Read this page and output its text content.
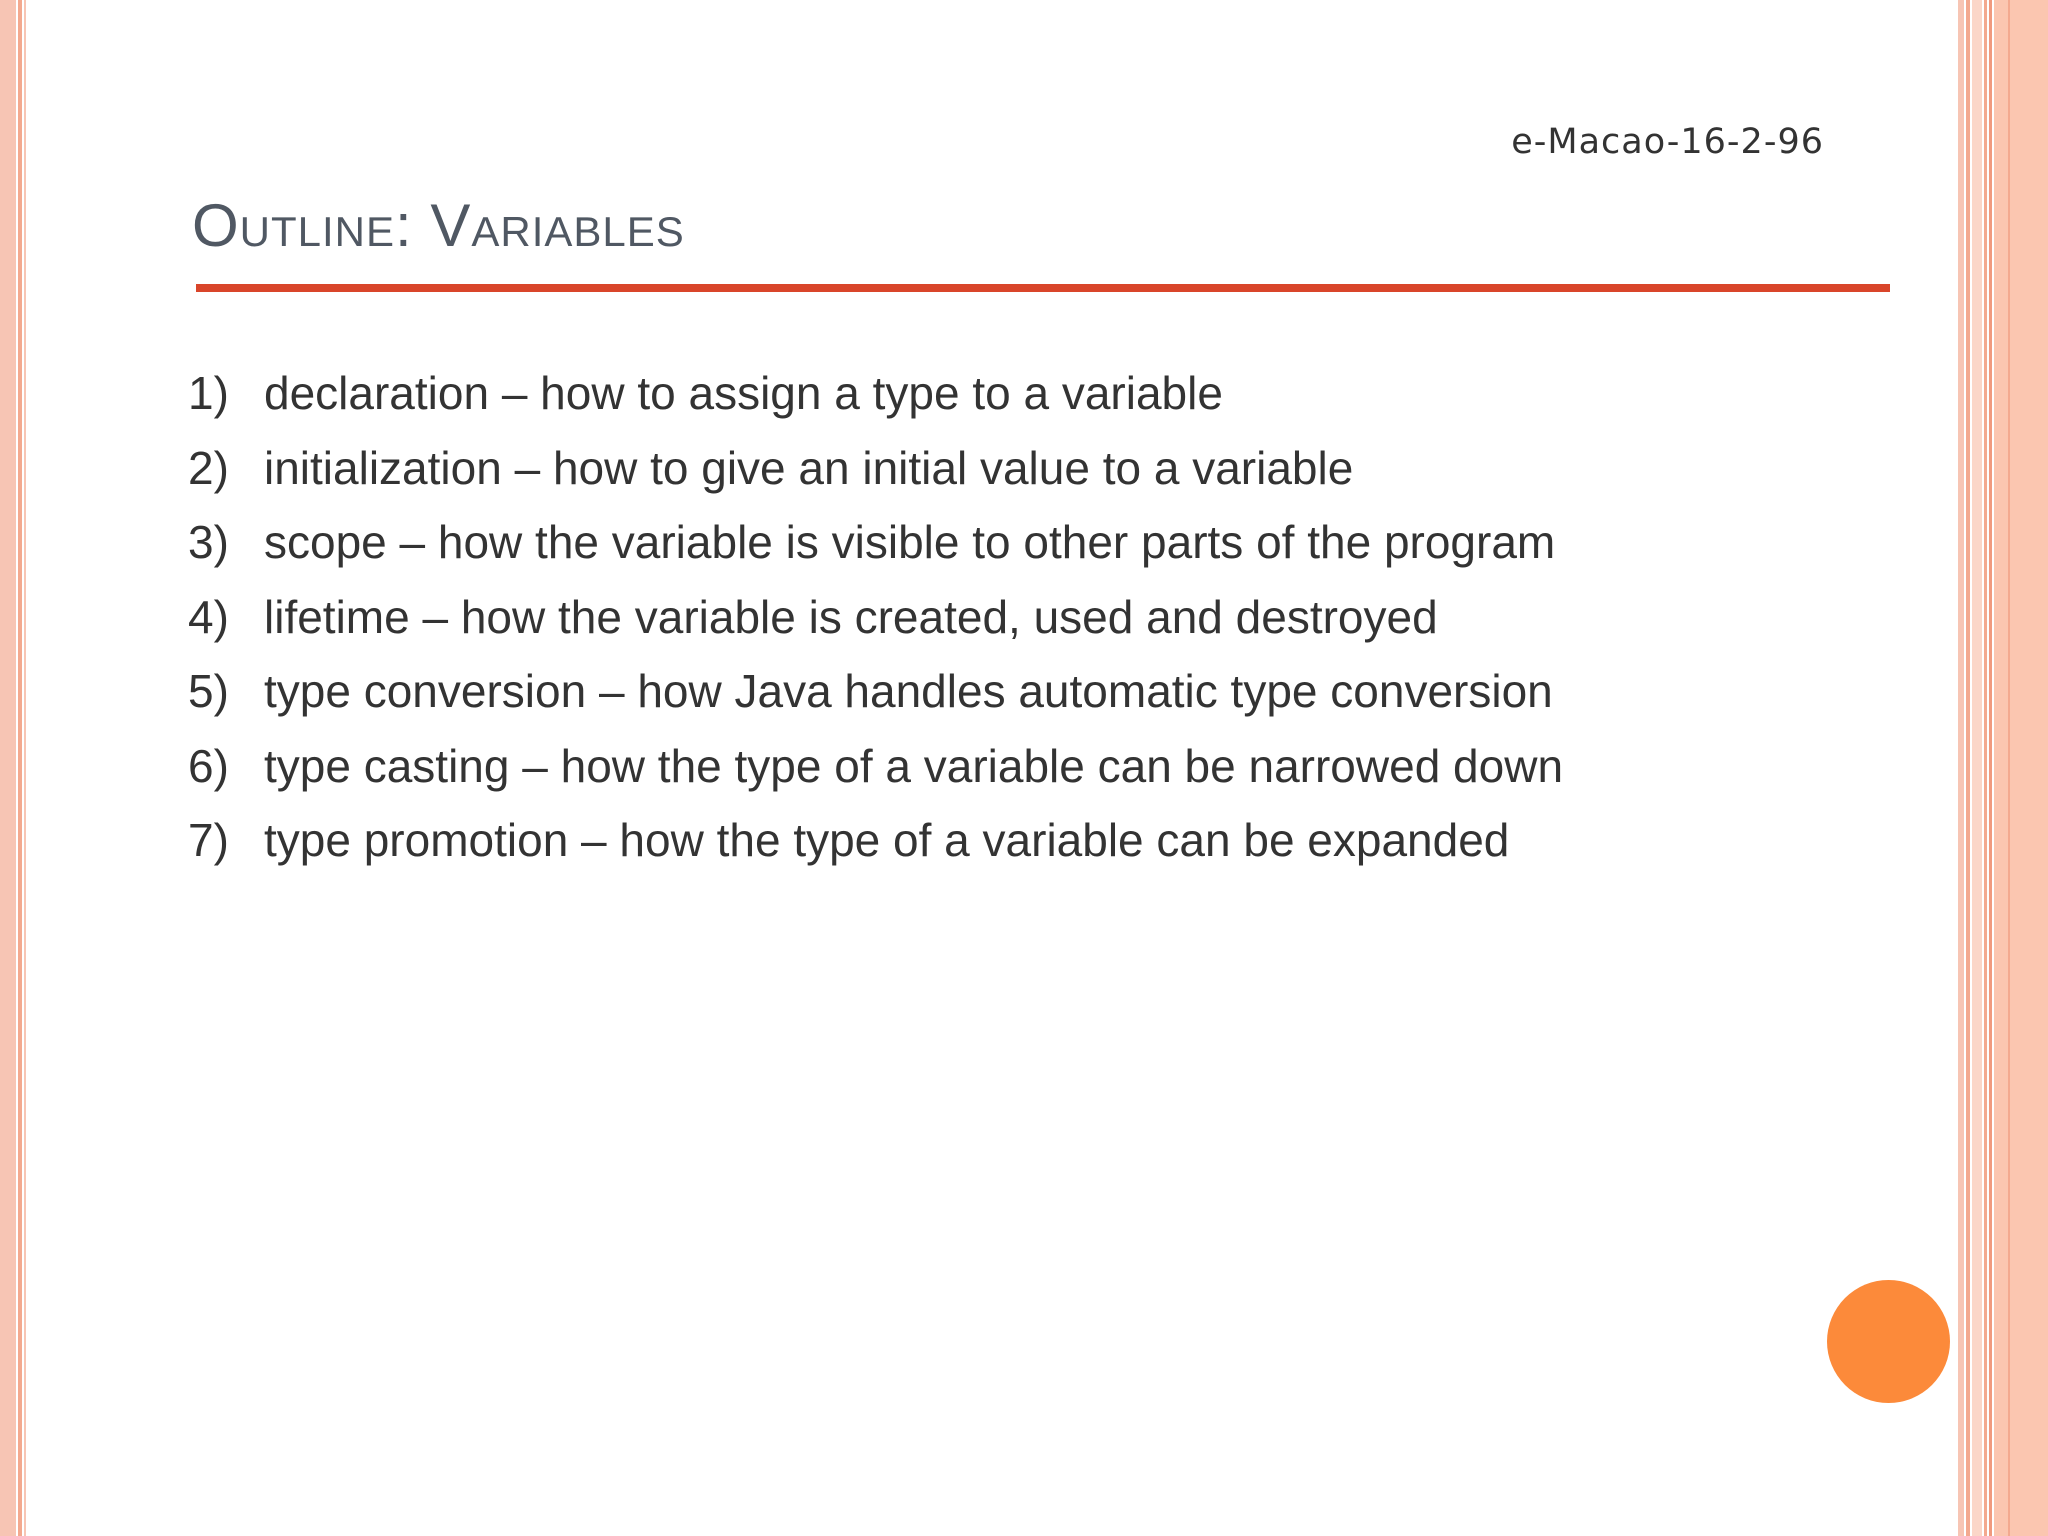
e-Macao-16-2-96
Outline: Variables
1) declaration – how to assign a type to a variable
2) initialization – how to give an initial value to a variable
3) scope – how the variable is visible to other parts of the program
4) lifetime – how the variable is created, used and destroyed
5) type conversion – how Java handles automatic type conversion
6) type casting – how the type of a variable can be narrowed down
7) type promotion – how the type of a variable can be expanded
